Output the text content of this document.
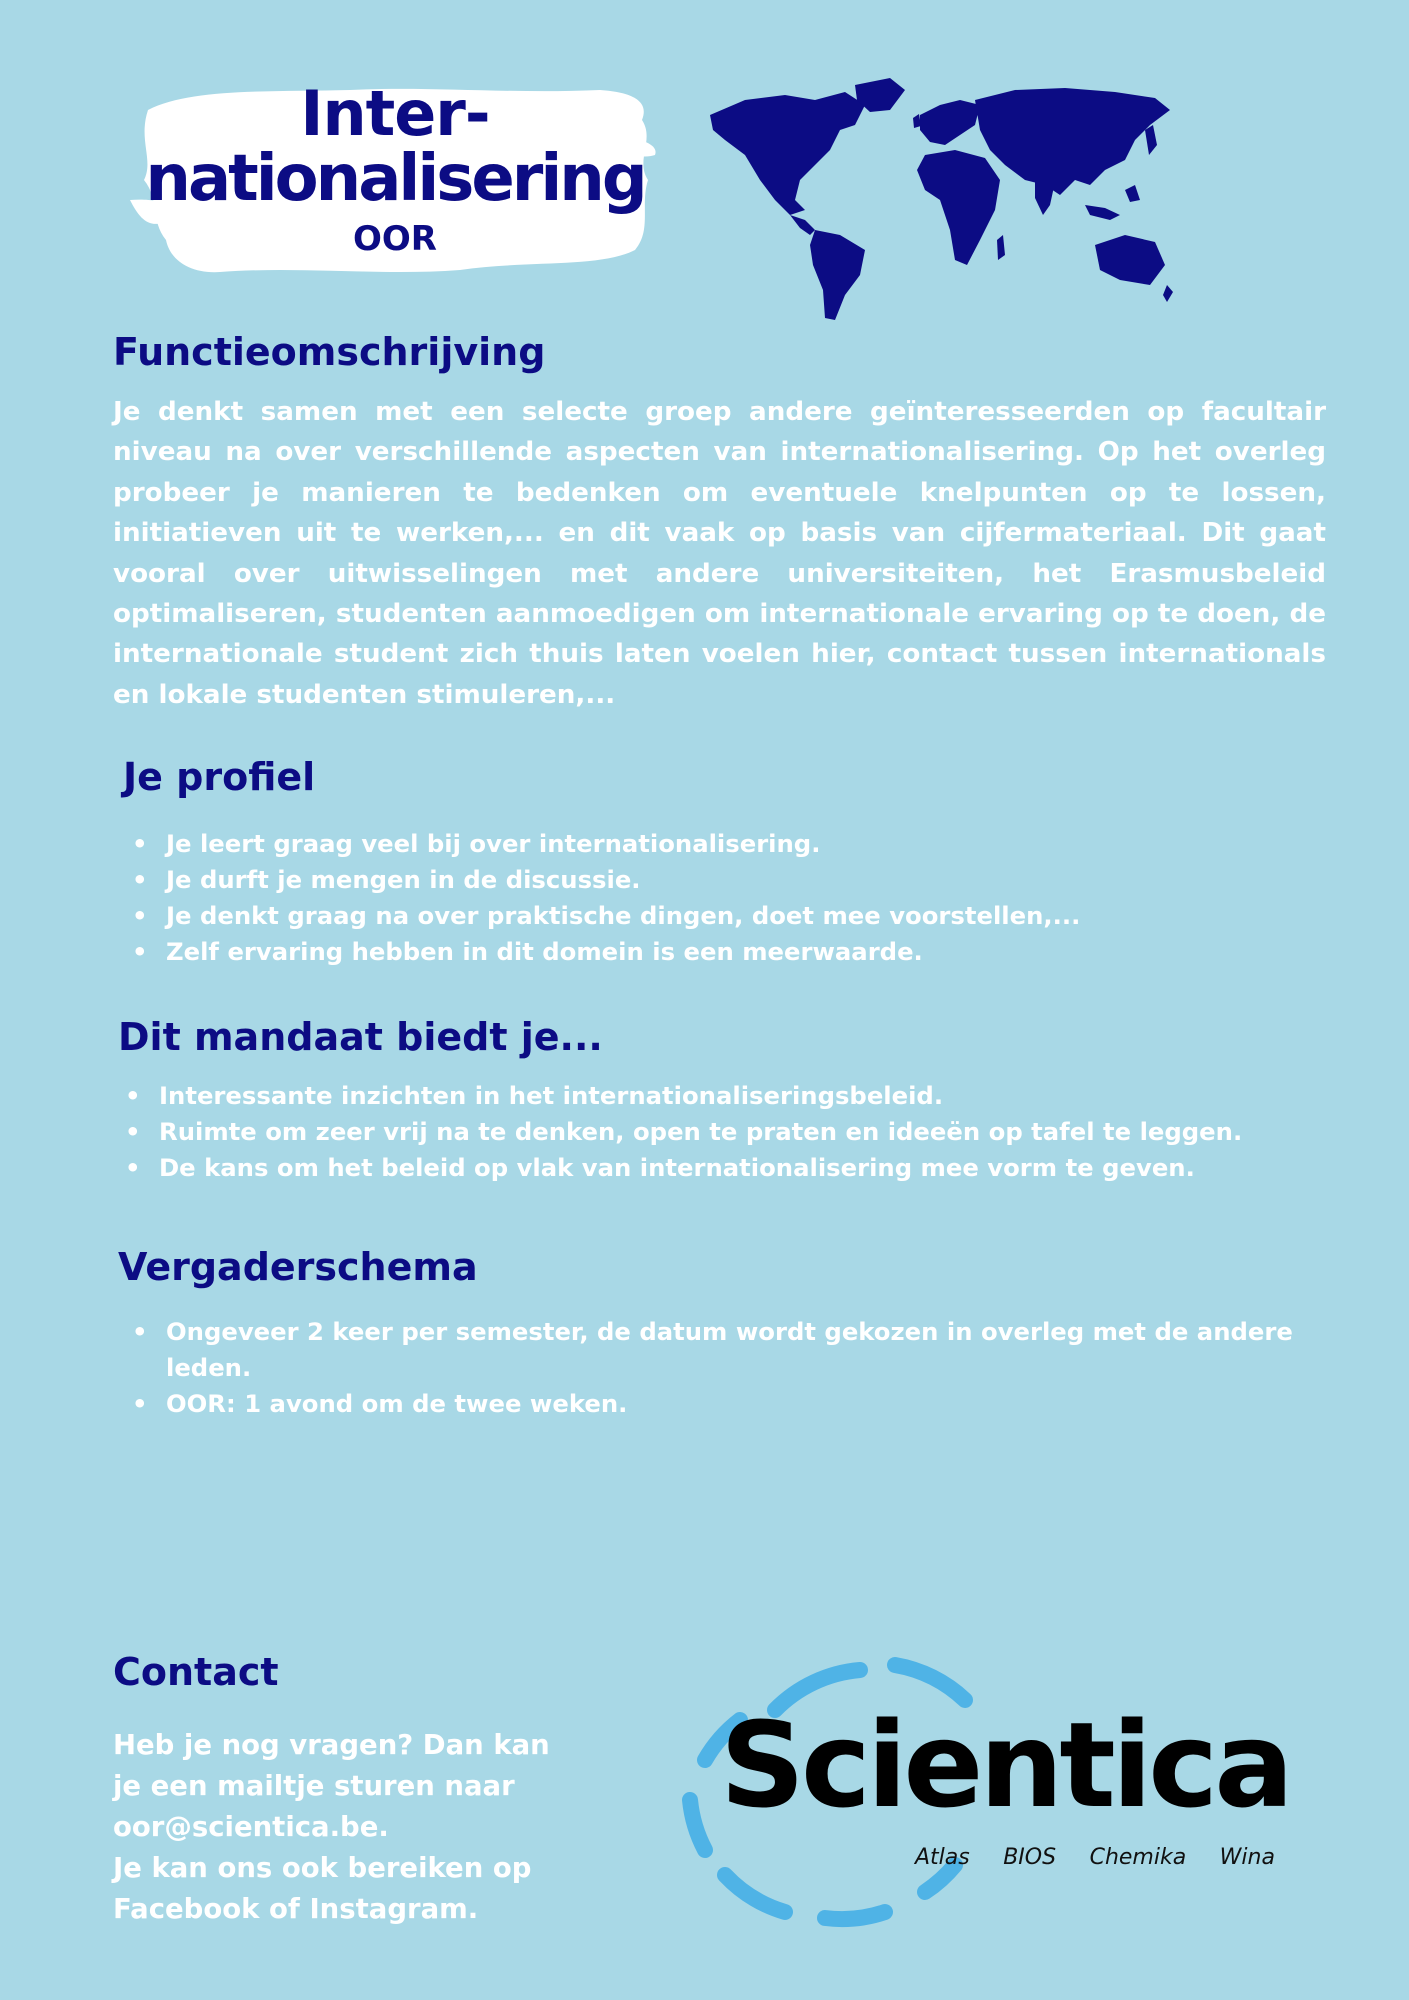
Inter-
nationalisering
OOR
Functieomschrijving

Je denkt samen met een selecte groep andere geïnteresseerden op facultair niveau na over verschillende aspecten van internationalisering. Op het overleg probeer je manieren te bedenken om eventuele knelpunten op te lossen, initiatieven uit te werken,... en dit vaak op basis van cijfermateriaal. Dit gaat vooral over uitwisselingen met andere universiteiten, het Erasmusbeleid optimaliseren, studenten aanmoedigen om internationale ervaring op te doen, de internationale student zich thuis laten voelen hier, contact tussen internationals en lokale studenten stimuleren,...

Je profiel
• Je leert graag veel bij over internationalisering.
• Je durft je mengen in de discussie.
• Je denkt graag na over praktische dingen, doet mee voorstellen,...
• Zelf ervaring hebben in dit domein is een meerwaarde.
Dit mandaat biedt je...
• Interessante inzichten in het internationaliseringsbeleid.
• Ruimte om zeer vrij na te denken, open te praten en ideeën op tafel te leggen.
• De kans om het beleid op vlak van internationalisering mee vorm te geven.
Vergaderschema
• Ongeveer 2 keer per semester, de datum wordt gekozen in overleg met de andere leden.
• OOR: 1 avond om de twee weken.
Contact
Heb je nog vragen? Dan kan
je een mailtje sturen naar
oor@scientica.be.
Je kan ons ook bereiken op
Facebook of Instagram.
Scientica
Atlas BIOS Chemika Wina
